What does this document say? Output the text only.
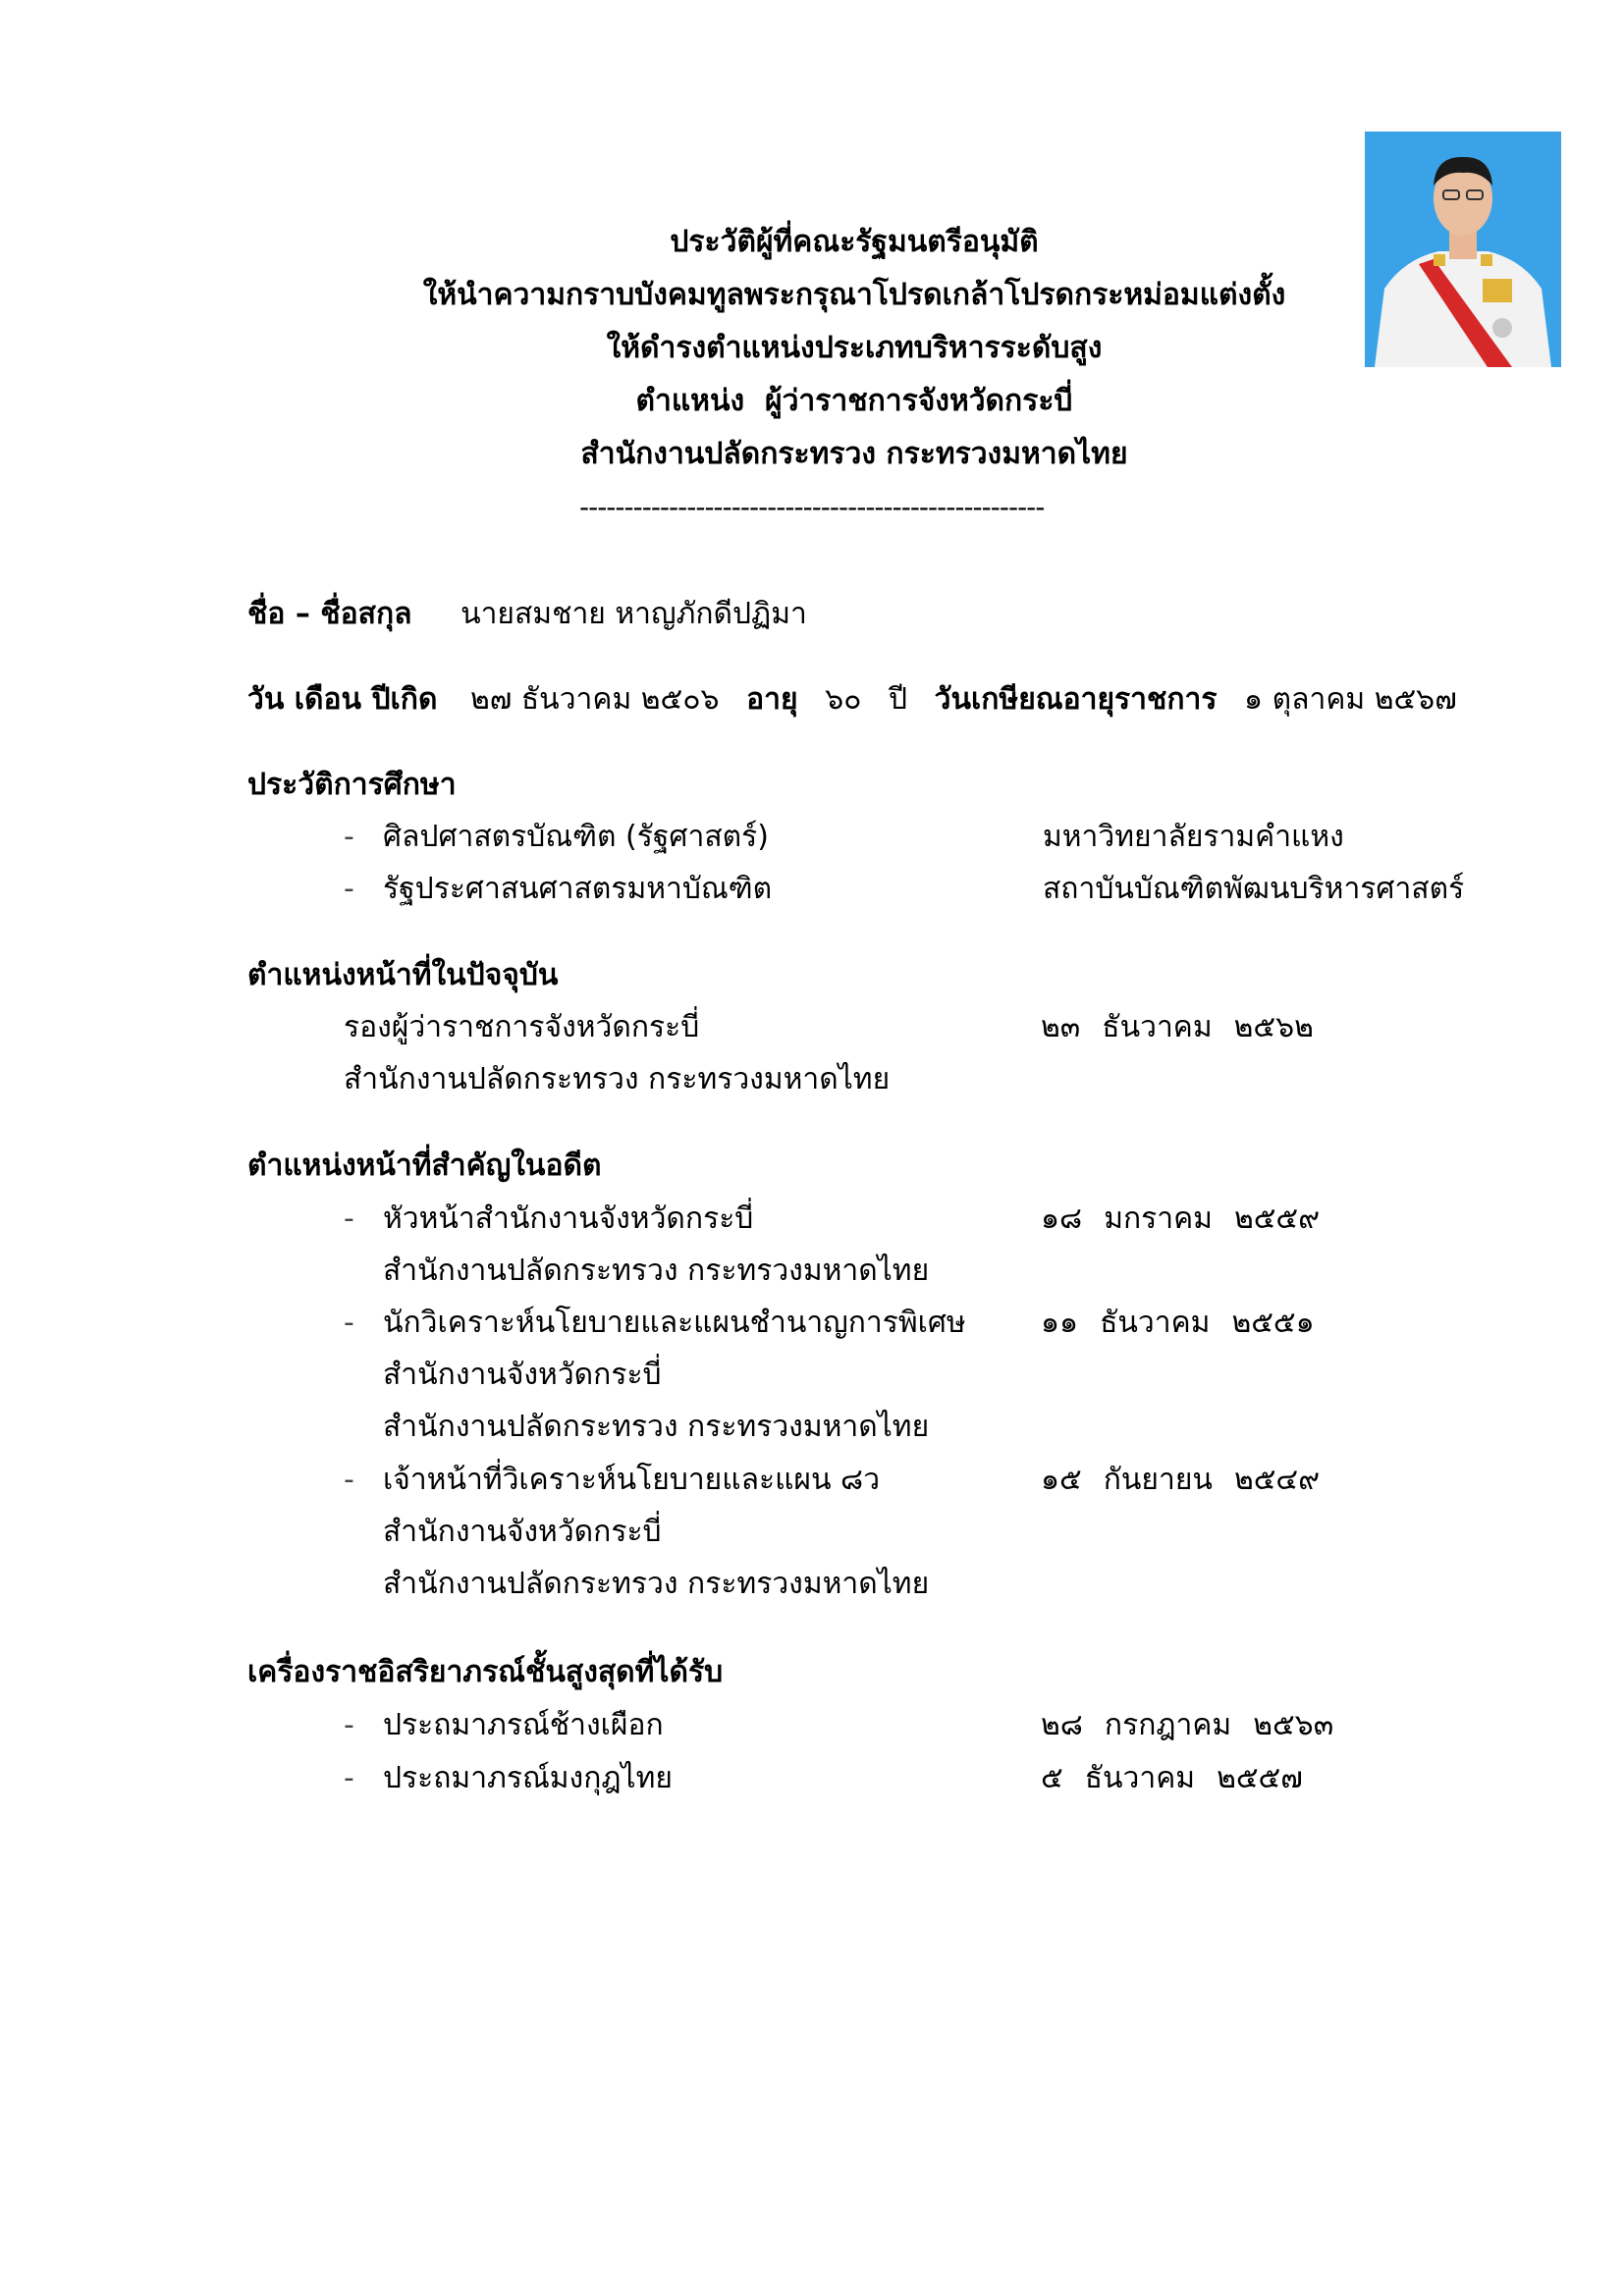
ประวัติผู้ที่คณะรัฐมนตรีอนุมัติ
ให้นำความกราบบังคมทูลพระกรุณาโปรดเกล้าโปรดกระหม่อมแต่งตั้ง
ให้ดำรงตำแหน่งประเภทบริหารระดับสูง
ตำแหน่ง ผู้ว่าราชการจังหวัดกระบี่
สำนักงานปลัดกระทรวง กระทรวงมหาดไทย
----------------------------------------------------
ชื่อ – ชื่อสกุล นายสมชาย หาญภักดีปฏิมา
วัน เดือน ปีเกิด ๒๗ ธันวาคม ๒๕๐๖ อายุ ๖๐ ปี วันเกษียณอายุราชการ ๑ ตุลาคม ๒๕๖๗
ประวัติการศึกษา
- ศิลปศาสตรบัณฑิต (รัฐศาสตร์)	มหาวิทยาลัยรามคำแหง
- รัฐประศาสนศาสตรมหาบัณฑิต	สถาบันบัณฑิตพัฒนบริหารศาสตร์
ตำแหน่งหน้าที่ในปัจจุบัน
รองผู้ว่าราชการจังหวัดกระบี่	๒๓ ธันวาคม ๒๕๖๒
สำนักงานปลัดกระทรวง กระทรวงมหาดไทย
ตำแหน่งหน้าที่สำคัญในอดีต
- หัวหน้าสำนักงานจังหวัดกระบี่	๑๘ มกราคม ๒๕๕๙
สำนักงานปลัดกระทรวง กระทรวงมหาดไทย
- นักวิเคราะห์นโยบายและแผนชำนาญการพิเศษ	๑๑ ธันวาคม ๒๕๕๑
สำนักงานจังหวัดกระบี่
สำนักงานปลัดกระทรวง กระทรวงมหาดไทย
- เจ้าหน้าที่วิเคราะห์นโยบายและแผน ๘ว	๑๕ กันยายน ๒๕๔๙
สำนักงานจังหวัดกระบี่
สำนักงานปลัดกระทรวง กระทรวงมหาดไทย
เครื่องราชอิสริยาภรณ์ชั้นสูงสุดที่ได้รับ
- ประถมาภรณ์ช้างเผือก	๒๘ กรกฎาคม ๒๕๖๓
- ประถมาภรณ์มงกุฎไทย	๕ ธันวาคม ๒๕๕๗
